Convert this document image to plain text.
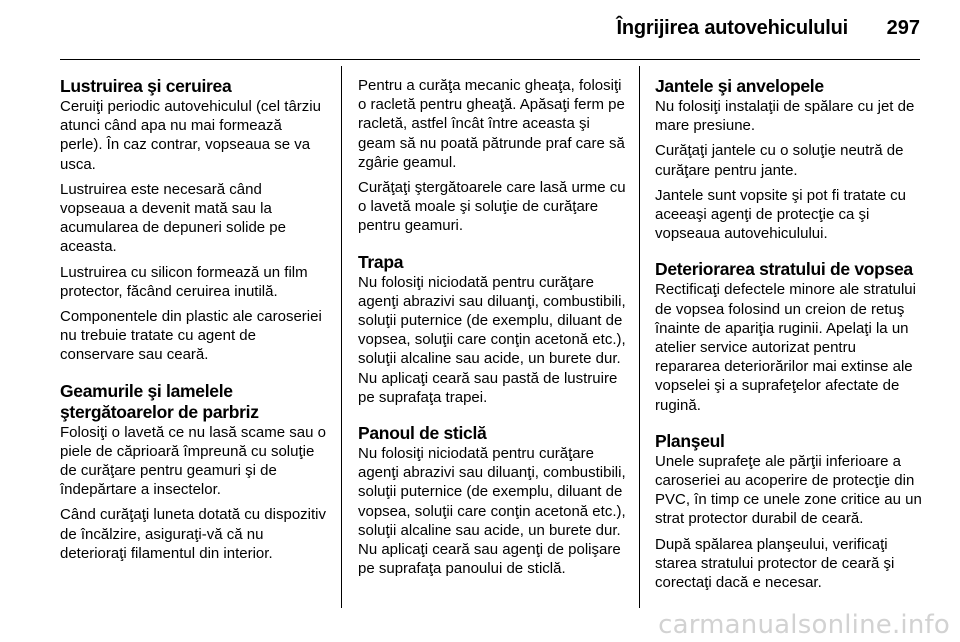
Îngrijirea autovehiculului 297
Lustruirea şi ceruirea

Ceruiţi periodic autovehiculul (cel târziu atunci când apa nu mai formează perle). În caz contrar, vopseaua se va usca.

Lustruirea este necesară când vopseaua a devenit mată sau la acumularea de depuneri solide pe aceasta.

Lustruirea cu silicon formează un film protector, făcând ceruirea inutilă.

Componentele din plastic ale caroseriei nu trebuie tratate cu agent de conservare sau ceară.

Geamurile şi lamelele ştergătoarelor de parbriz

Folosiţi o lavetă ce nu lasă scame sau o piele de căprioară împreună cu soluţie de curăţare pentru geamuri şi de îndepărtare a insectelor.

Când curăţaţi luneta dotată cu dispozitiv de încălzire, asiguraţi-vă că nu deterioraţi filamentul din interior.

Pentru a curăţa mecanic gheaţa, folosiţi o racletă pentru gheaţă. Apăsaţi ferm pe racletă, astfel încât între aceasta şi geam să nu poată pătrunde praf care să zgârie geamul.

Curăţaţi ştergătoarele care lasă urme cu o lavetă moale şi soluţie de curăţare pentru geamuri.

Trapa

Nu folosiţi niciodată pentru curăţare agenţi abrazivi sau diluanţi, combustibili, soluţii puternice (de exemplu, diluant de vopsea, soluţii care conţin acetonă etc.), soluţii alcaline sau acide, un burete dur. Nu aplicaţi ceară sau pastă de lustruire pe suprafaţa trapei.

Panoul de sticlă

Nu folosiţi niciodată pentru curăţare agenţi abrazivi sau diluanţi, combustibili, soluţii puternice (de exemplu, diluant de vopsea, soluţii care conţin acetonă etc.), soluţii alcaline sau acide, un burete dur. Nu aplicaţi ceară sau agenţi de polişare pe suprafaţa panoului de sticlă.

Jantele şi anvelopele

Nu folosiţi instalaţii de spălare cu jet de mare presiune.

Curăţaţi jantele cu o soluţie neutră de curăţare pentru jante.

Jantele sunt vopsite şi pot fi tratate cu aceeaşi agenţi de protecţie ca şi vopseaua autovehiculului.

Deteriorarea stratului de vopsea

Rectificaţi defectele minore ale stratului de vopsea folosind un creion de retuş înainte de apariţia ruginii. Apelaţi la un atelier service autorizat pentru repararea deteriorărilor mai extinse ale vopselei şi a suprafeţelor afectate de rugină.

Planşeul

Unele suprafeţe ale părţii inferioare a caroseriei au acoperire de protecţie din PVC, în timp ce unele zone critice au un strat protector durabil de ceară.

După spălarea planşeului, verificaţi starea stratului protector de ceară şi corectaţi dacă e necesar.

carmanualsonline.info
